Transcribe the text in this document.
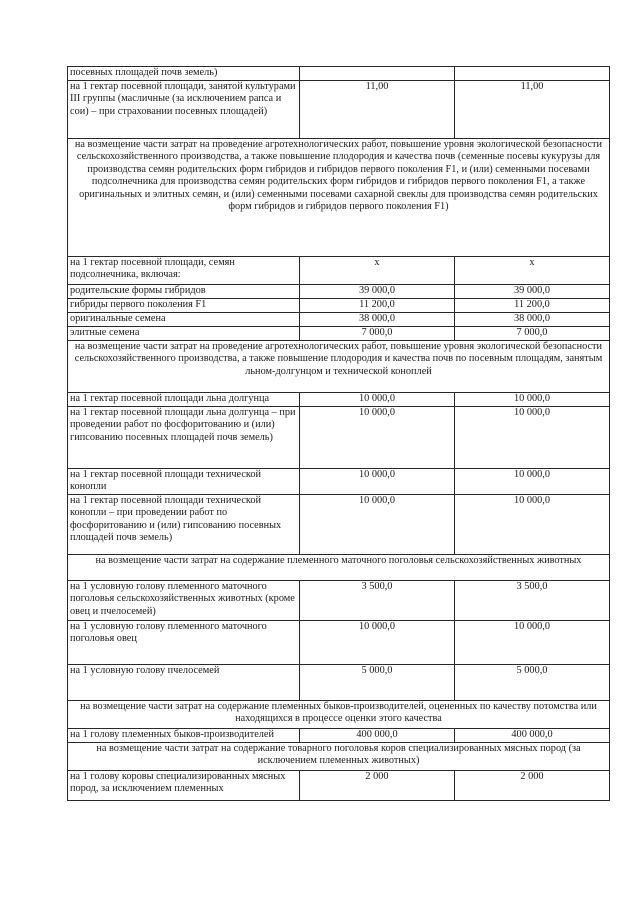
посевных площадей почв земель)		
на 1 гектар посевной площади, занятой культурами III группы (масличные (за исключением рапса и сои) – при страховании посевных площадей)	11,00	11,00
на возмещение части затрат на проведение агротехнологических работ, повышение уровня экологической безопасности сельскохозяйственного производства, а также повышение плодородия и качества почв (семенные посевы кукурузы для производства семян родительских форм гибридов и гибридов первого поколения F1, и (или) семенными посевами подсолнечника для производства семян родительских форм гибридов и гибридов первого поколения F1, а также оригинальных и элитных семян, и (или) семенными посевами сахарной свеклы для производства семян родительских форм гибридов и гибридов первого поколения F1)		
на 1 гектар посевной площади, семян подсолнечника, включая:	x	x
родительские формы гибридов	39 000,0	39 000,0
гибриды первого поколения F1	11 200,0	11 200,0
оригинальные семена	38 000,0	38 000,0
элитные семена	7 000,0	7 000,0
на возмещение части затрат на проведение агротехнологических работ, повышение уровня экологической безопасности сельскохозяйственного производства, а также повышение плодородия и качества почв по посевным площадям, занятым льном-долгунцом и технической коноплей		
на 1 гектар посевной площади льна долгунца	10 000,0	10 000,0
на 1 гектар посевной площади льна долгунца – при проведении работ по фосфоритованию и (или) гипсованию посевных площадей почв земель)	10 000,0	10 000,0
на 1 гектар посевной площади технической конопли	10 000,0	10 000,0
на 1 гектар посевной площади технической конопли – при проведении работ по фосфоритованию и (или) гипсованию посевных площадей почв земель)	10 000,0	10 000,0
на возмещение части затрат на содержание племенного маточного поголовья сельскохозяйственных животных		
на 1 условную голову племенного маточного поголовья сельскохозяйственных животных (кроме овец и пчелосемей)	3 500,0	3 500,0
на 1 условную голову племенного маточного поголовья овец	10 000,0	10 000,0
на 1 условную голову пчелосемей	5 000,0	5 000,0
на возмещение части затрат на содержание племенных быков-производителей, оцененных по качеству потомства или находящихся в процессе оценки этого качества		
на 1 голову племенных быков-производителей	400 000,0	400 000,0
на возмещение части затрат на содержание товарного поголовья коров специализированных мясных пород (за исключением племенных животных)		
на 1 голову коровы специализированных мясных пород, за исключением племенных	2 000	2 000
